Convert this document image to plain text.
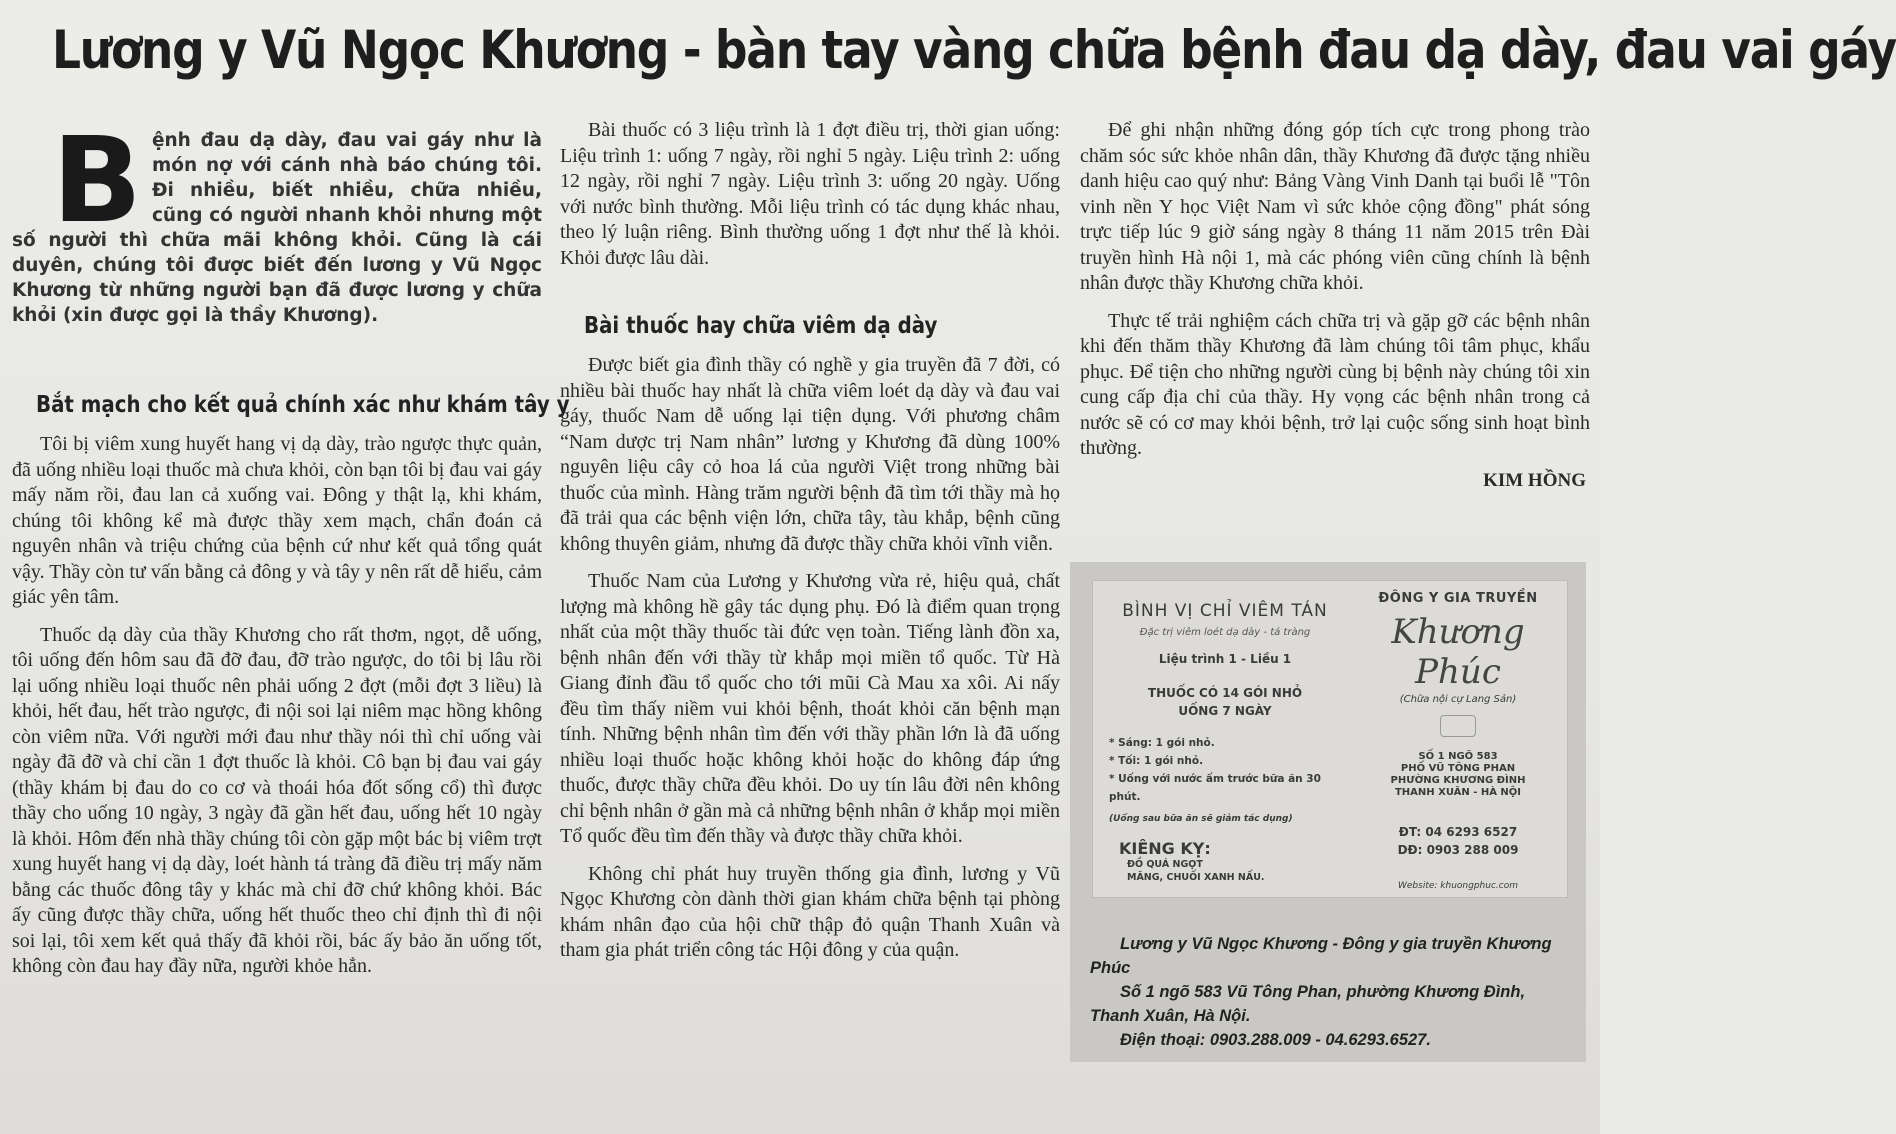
Lương y Vũ Ngọc Khương - bàn tay vàng chữa bệnh đau dạ dày, đau vai gáy
B ệnh đau dạ dày, đau vai gáy như là món nợ với cánh nhà báo chúng tôi. Đi nhiều, biết nhiều, chữa nhiều, cũng có người nhanh khỏi nhưng một số người thì chữa mãi không khỏi. Cũng là cái duyên, chúng tôi được biết đến lương y Vũ Ngọc Khương từ những người bạn đã được lương y chữa khỏi (xin được gọi là thầy Khương).

Bắt mạch cho kết quả chính xác như khám tây y

Tôi bị viêm xung huyết hang vị dạ dày, trào ngược thực quản, đã uống nhiều loại thuốc mà chưa khỏi, còn bạn tôi bị đau vai gáy mấy năm rồi, đau lan cả xuống vai. Đông y thật lạ, khi khám, chúng tôi không kể mà được thầy xem mạch, chẩn đoán cả nguyên nhân và triệu chứng của bệnh cứ như kết quả tổng quát vậy. Thầy còn tư vấn bằng cả đông y và tây y nên rất dễ hiểu, cảm giác yên tâm.

Thuốc dạ dày của thầy Khương cho rất thơm, ngọt, dễ uống, tôi uống đến hôm sau đã đỡ đau, đỡ trào ngược, do tôi bị lâu rồi lại uống nhiều loại thuốc nên phải uống 2 đợt (mỗi đợt 3 liều) là khỏi, hết đau, hết trào ngược, đi nội soi lại niêm mạc hồng không còn viêm nữa. Với người mới đau như thầy nói thì chỉ uống vài ngày đã đỡ và chỉ cần 1 đợt thuốc là khỏi. Cô bạn bị đau vai gáy (thầy khám bị đau do co cơ và thoái hóa đốt sống cổ) thì được thầy cho uống 10 ngày, 3 ngày đã gần hết đau, uống hết 10 ngày là khỏi. Hôm đến nhà thầy chúng tôi còn gặp một bác bị viêm trợt xung huyết hang vị dạ dày, loét hành tá tràng đã điều trị mấy năm bằng các thuốc đông tây y khác mà chỉ đỡ chứ không khỏi. Bác ấy cũng được thầy chữa, uống hết thuốc theo chỉ định thì đi nội soi lại, tôi xem kết quả thấy đã khỏi rồi, bác ấy bảo ăn uống tốt, không còn đau hay đầy nữa, người khỏe hẳn.

Bài thuốc có 3 liệu trình là 1 đợt điều trị, thời gian uống: Liệu trình 1: uống 7 ngày, rồi nghỉ 5 ngày. Liệu trình 2: uống 12 ngày, rồi nghỉ 7 ngày. Liệu trình 3: uống 20 ngày. Uống với nước bình thường. Mỗi liệu trình có tác dụng khác nhau, theo lý luận riêng. Bình thường uống 1 đợt như thế là khỏi. Khỏi được lâu dài.

Bài thuốc hay chữa viêm dạ dày

Được biết gia đình thầy có nghề y gia truyền đã 7 đời, có nhiều bài thuốc hay nhất là chữa viêm loét dạ dày và đau vai gáy, thuốc Nam dễ uống lại tiện dụng. Với phương châm “Nam dược trị Nam nhân” lương y Khương đã dùng 100% nguyên liệu cây cỏ hoa lá của người Việt trong những bài thuốc của mình. Hàng trăm người bệnh đã tìm tới thầy mà họ đã trải qua các bệnh viện lớn, chữa tây, tàu khắp, bệnh cũng không thuyên giảm, nhưng đã được thầy chữa khỏi vĩnh viễn.

Thuốc Nam của Lương y Khương vừa rẻ, hiệu quả, chất lượng mà không hề gây tác dụng phụ. Đó là điểm quan trọng nhất của một thầy thuốc tài đức vẹn toàn. Tiếng lành đồn xa, bệnh nhân đến với thầy từ khắp mọi miền tổ quốc. Từ Hà Giang đỉnh đầu tổ quốc cho tới mũi Cà Mau xa xôi. Ai nấy đều tìm thấy niềm vui khỏi bệnh, thoát khỏi căn bệnh mạn tính. Những bệnh nhân tìm đến với thầy phần lớn là đã uống nhiều loại thuốc hoặc không khỏi hoặc do không đáp ứng thuốc, được thầy chữa đều khỏi. Do uy tín lâu đời nên không chỉ bệnh nhân ở gần mà cả những bệnh nhân ở khắp mọi miền Tổ quốc đều tìm đến thầy và được thầy chữa khỏi.

Không chỉ phát huy truyền thống gia đình, lương y Vũ Ngọc Khương còn dành thời gian khám chữa bệnh tại phòng khám nhân đạo của hội chữ thập đỏ quận Thanh Xuân và tham gia phát triển công tác Hội đông y của quận.

Để ghi nhận những đóng góp tích cực trong phong trào chăm sóc sức khỏe nhân dân, thầy Khương đã được tặng nhiều danh hiệu cao quý như: Bảng Vàng Vinh Danh tại buổi lễ "Tôn vinh nền Y học Việt Nam vì sức khỏe cộng đồng" phát sóng trực tiếp lúc 9 giờ sáng ngày 8 tháng 11 năm 2015 trên Đài truyền hình Hà nội 1, mà các phóng viên cũng chính là bệnh nhân được thầy Khương chữa khỏi.

Thực tế trải nghiệm cách chữa trị và gặp gỡ các bệnh nhân khi đến thăm thầy Khương đã làm chúng tôi tâm phục, khẩu phục. Để tiện cho những người cùng bị bệnh này chúng tôi xin cung cấp địa chỉ của thầy. Hy vọng các bệnh nhân trong cả nước sẽ có cơ may khỏi bệnh, trở lại cuộc sống sinh hoạt bình thường.

KIM HỒNG
BÌNH VỊ CHỈ VIÊM TÁN
Đặc trị viêm loét dạ dày - tá tràng
Liệu trình 1 - Liều 1
THUỐC CÓ 14 GÓI NHỎ
UỐNG 7 NGÀY
* Sáng: 1 gói nhỏ.
* Tối: 1 gói nhỏ.
* Uống với nước ấm trước bữa ăn 30 phút.
(Uống sau bữa ăn sẽ giảm tác dụng)
KIÊNG KỴ: ĐỒ QUÁ NGỌT
MĂNG, CHUỐI XANH NẤU.
ĐÔNG Y GIA TRUYỀN
Khương Phúc
(Chữa nội cự Lang Sản)
SỐ 1 NGÕ 583
PHỐ VŨ TÔNG PHAN
PHƯỜNG KHƯƠNG ĐÌNH
THANH XUÂN - HÀ NỘI
ĐT: 04 6293 6527
DĐ: 0903 288 009
Website: khuongphuc.com
Lương y Vũ Ngọc Khương - Đông y gia truyền Khương Phúc
Số 1 ngõ 583 Vũ Tông Phan, phường Khương Đình, Thanh Xuân, Hà Nội.
Điện thoại: 0903.288.009 - 04.6293.6527.
